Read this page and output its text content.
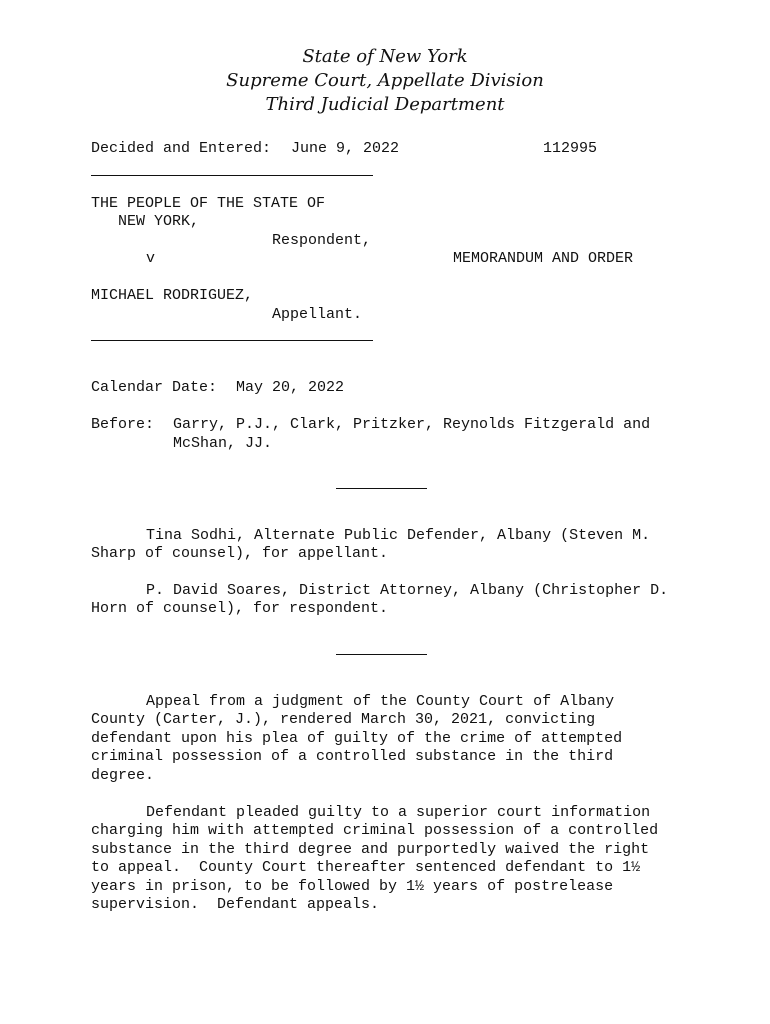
State of New York
Supreme Court, Appellate Division
Third Judicial Department
Decided and Entered: June 9, 2022	112995
THE PEOPLE OF THE STATE OF
NEW YORK,
Respondent,
v	MEMORANDUM AND ORDER
MICHAEL RODRIGUEZ,
Appellant.
Calendar Date: May 20, 2022
Before: Garry, P.J., Clark, Pritzker, Reynolds Fitzgerald and
McShan, JJ.
Tina Sodhi, Alternate Public Defender, Albany (Steven M.
Sharp of counsel), for appellant.
P. David Soares, District Attorney, Albany (Christopher D.
Horn of counsel), for respondent.
Appeal from a judgment of the County Court of Albany
County (Carter, J.), rendered March 30, 2021, convicting
defendant upon his plea of guilty of the crime of attempted
criminal possession of a controlled substance in the third
degree.
Defendant pleaded guilty to a superior court information
charging him with attempted criminal possession of a controlled
substance in the third degree and purportedly waived the right
to appeal.  County Court thereafter sentenced defendant to 1½
years in prison, to be followed by 1½ years of postrelease
supervision.  Defendant appeals.
